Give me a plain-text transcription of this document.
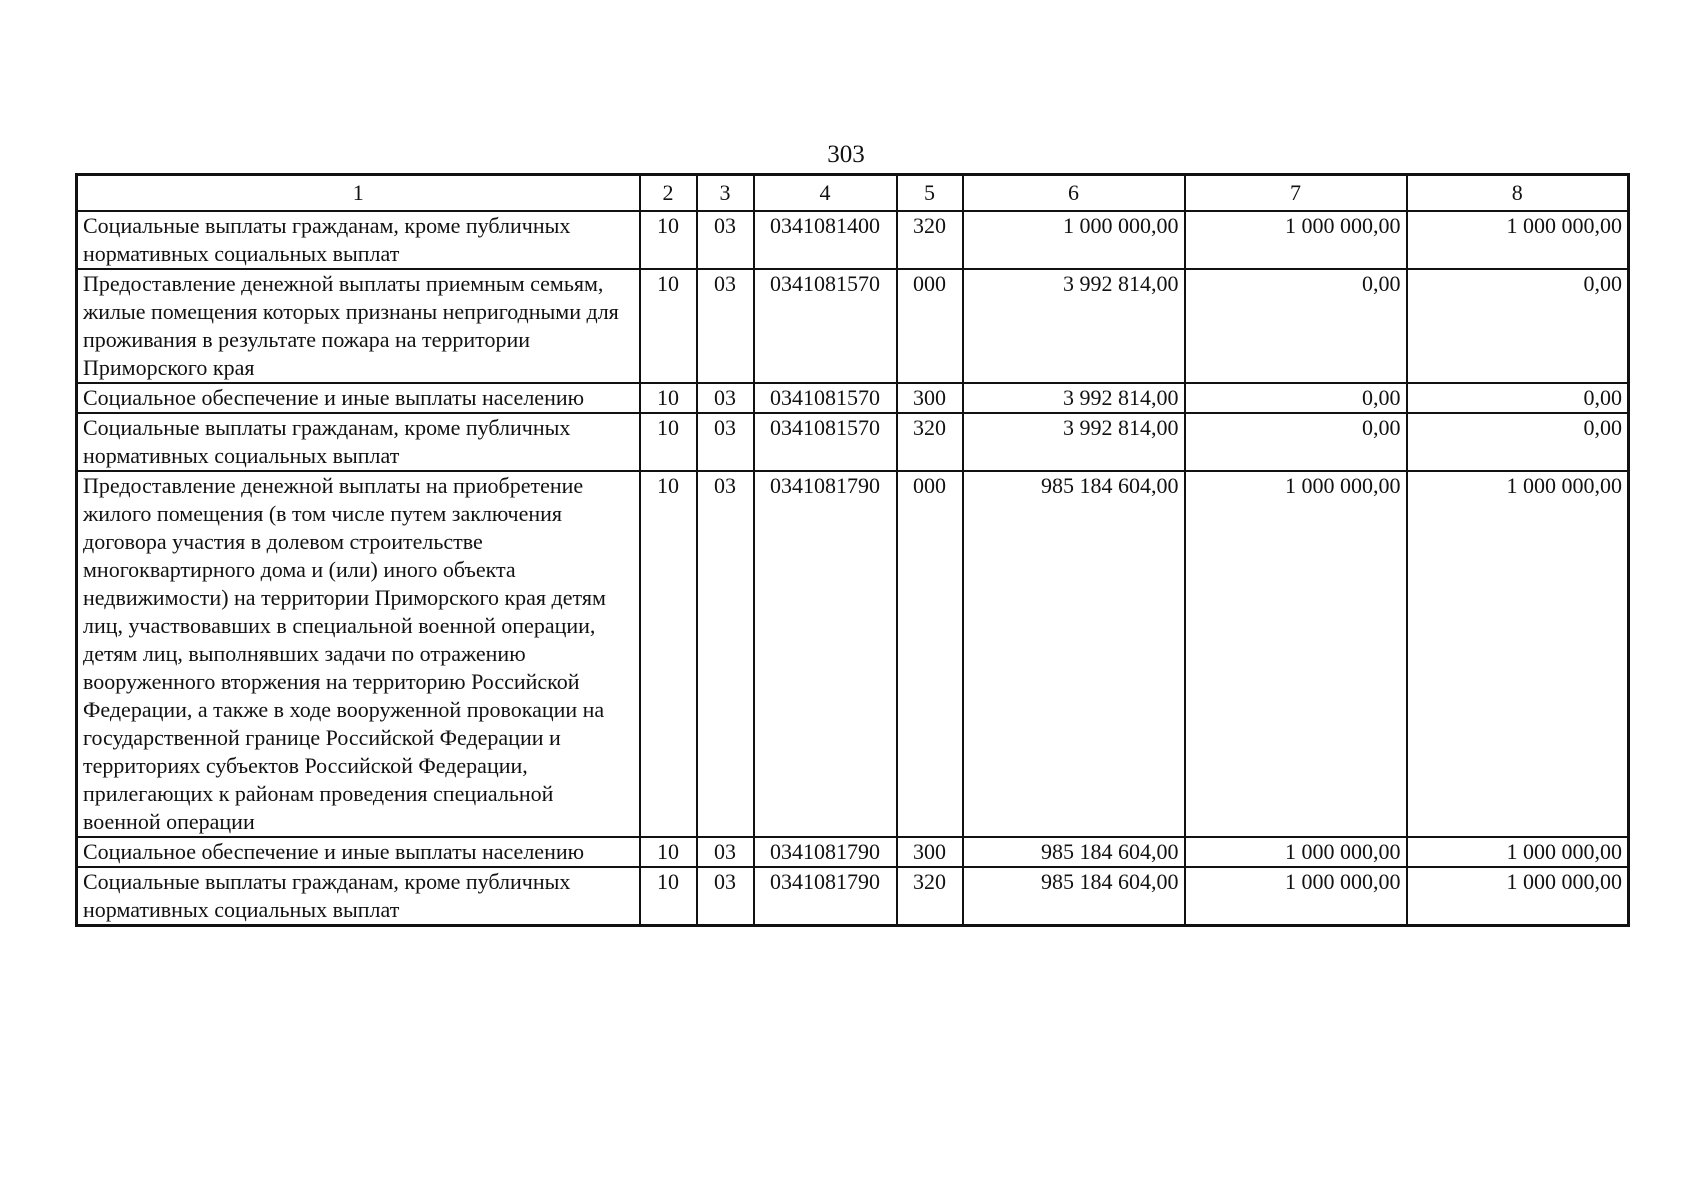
303
1	2	3	4	5	6	7	8
Социальные выплаты гражданам, кроме публичных нормативных социальных выплат	10	03	0341081400	320	1 000 000,00	1 000 000,00	1 000 000,00
Предоставление денежной выплаты приемным семьям, жилые помещения которых признаны непригодными для проживания в результате пожара на территории Приморского края	10	03	0341081570	000	3 992 814,00	0,00	0,00
Социальное обеспечение и иные выплаты населению	10	03	0341081570	300	3 992 814,00	0,00	0,00
Социальные выплаты гражданам, кроме публичных нормативных социальных выплат	10	03	0341081570	320	3 992 814,00	0,00	0,00
Предоставление денежной выплаты на приобретение жилого помещения (в том числе путем заключения договора участия в долевом строительстве многоквартирного дома и (или) иного объекта недвижимости) на территории Приморского края детям лиц, участвовавших в специальной военной операции, детям лиц, выполнявших задачи по отражению вооруженного вторжения на территорию Российской Федерации, а также в ходе вооруженной провокации на государственной границе Российской Федерации и территориях субъектов Российской Федерации, прилегающих к районам проведения специальной военной операции	10	03	0341081790	000	985 184 604,00	1 000 000,00	1 000 000,00
Социальное обеспечение и иные выплаты населению	10	03	0341081790	300	985 184 604,00	1 000 000,00	1 000 000,00
Социальные выплаты гражданам, кроме публичных нормативных социальных выплат	10	03	0341081790	320	985 184 604,00	1 000 000,00	1 000 000,00
